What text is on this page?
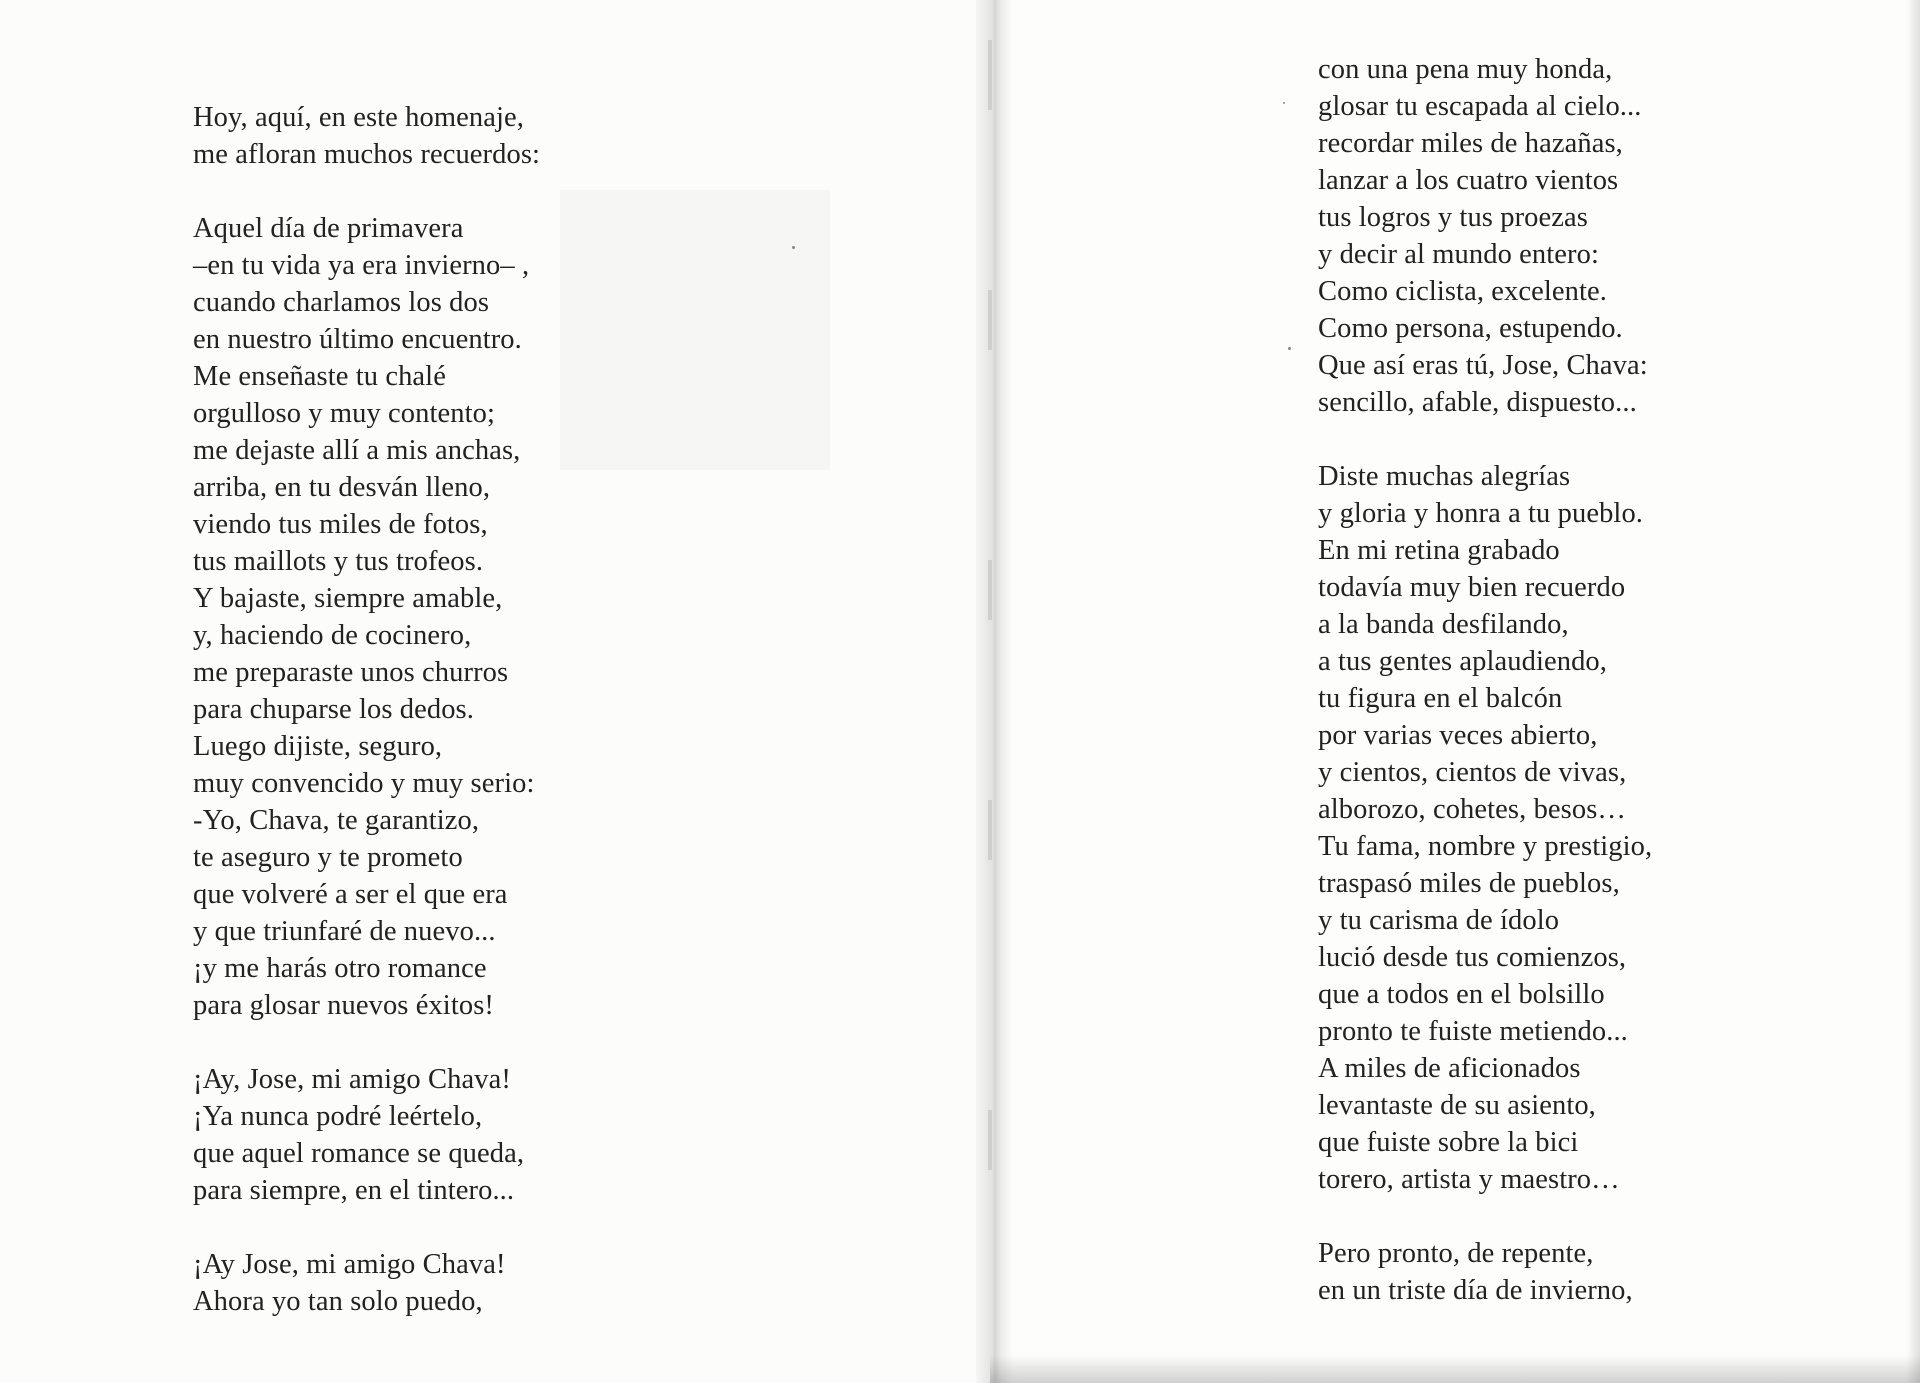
Hoy, aquí, en este homenaje,
me afloran muchos recuerdos:
Aquel día de primavera
–en tu vida ya era invierno– ,
cuando charlamos los dos
en nuestro último encuentro.
Me enseñaste tu chalé
orgulloso y muy contento;
me dejaste allí a mis anchas,
arriba, en tu desván lleno,
viendo tus miles de fotos,
tus maillots y tus trofeos.
Y bajaste, siempre amable,
y, haciendo de cocinero,
me preparaste unos churros
para chuparse los dedos.
Luego dijiste, seguro,
muy convencido y muy serio:
-Yo, Chava, te garantizo,
te aseguro y te prometo
que volveré a ser el que era
y que triunfaré de nuevo...
¡y me harás otro romance
para glosar nuevos éxitos!
¡Ay, Jose, mi amigo Chava!
¡Ya nunca podré leértelo,
que aquel romance se queda,
para siempre, en el tintero...
¡Ay Jose, mi amigo Chava!
Ahora yo tan solo puedo,
con una pena muy honda,
glosar tu escapada al cielo...
recordar miles de hazañas,
lanzar a los cuatro vientos
tus logros y tus proezas
y decir al mundo entero:
Como ciclista, excelente.
Como persona, estupendo.
Que así eras tú, Jose, Chava:
sencillo, afable, dispuesto...
Diste muchas alegrías
y gloria y honra a tu pueblo.
En mi retina grabado
todavía muy bien recuerdo
a la banda desfilando,
a tus gentes aplaudiendo,
tu figura en el balcón
por varias veces abierto,
y cientos, cientos de vivas,
alborozo, cohetes, besos…
Tu fama, nombre y prestigio,
traspasó miles de pueblos,
y tu carisma de ídolo
lució desde tus comienzos,
que a todos en el bolsillo
pronto te fuiste metiendo...
A miles de aficionados
levantaste de su asiento,
que fuiste sobre la bici
torero, artista y maestro…
Pero pronto, de repente,
en un triste día de invierno,
